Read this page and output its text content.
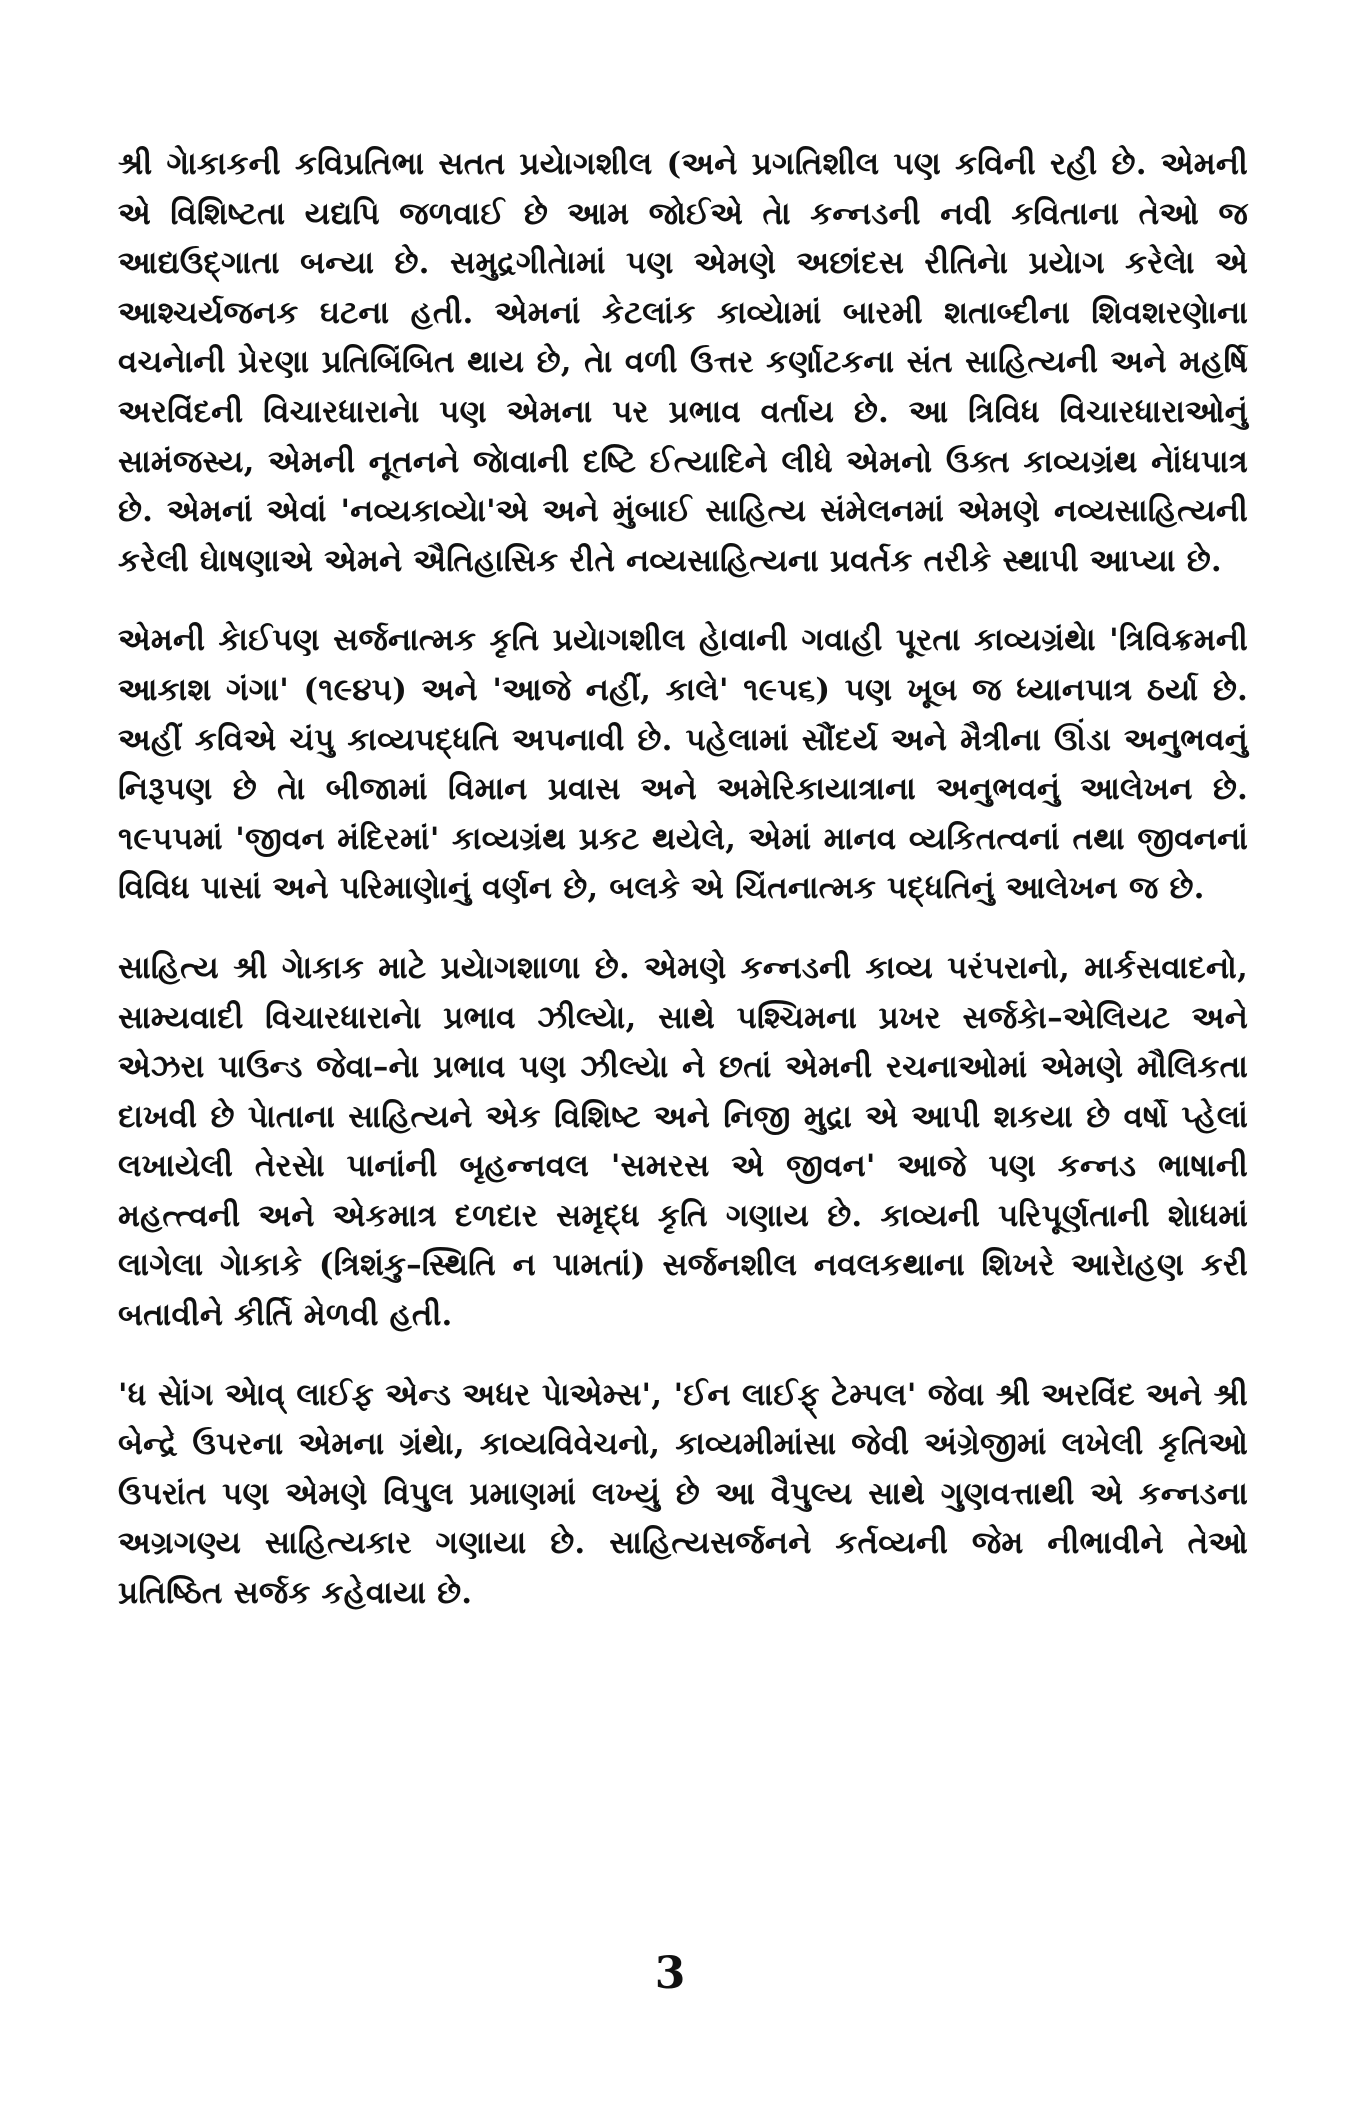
શ્રી ગેાકાકની કવિપ્રતિભા સતત પ્રયેાગશીલ (અને પ્રગતિશીલ પણ કવિની રહી છે. એમની એ વિશિષ્ટતા યદ્યપિ જળવાઈ છે આમ જોઈએ તેા કન્નડની નવી કવિતાના તેઓ જ આદ્યઉદ્ગાતા બન્યા છે. સમુદ્રગીતેામાં પણ એમણે અછાંદસ રીતિનેા પ્રયેાગ કરેલેા એ આશ્ચર્યજનક ઘટના હતી. એમનાં કેટલાંક કાવ્યેામાં બારમી શતાબ્દીના શિવશરણેાના વચનેાની પ્રેરણા પ્રતિબિંબિત થાય છે, તેા વળી ઉત્તર કર્ણાટકના સંત સાહિત્યની અને મહર્ષિ અરવિંદની વિચારધારાનેા પણ એમના પર પ્રભાવ વર્તાય છે. આ ત્રિવિધ વિચારધારાઓનું સામંજસ્ય, એમની નૂતનને જેાવાની દષ્ટિ ઈત્યાદિને લીધે એમનો ઉક્ત કાવ્યગ્રંથ નેાંધપાત્ર છે. એમનાં એવાં 'નવ્યકાવ્યેા'એ અને મુંબાઈ સાહિત્ય સંમેલનમાં એમણે નવ્યસાહિત્યની કરેલી ઘેાષણાએ એમને ઐતિહાસિક રીતે નવ્યસાહિત્યના પ્રવર્તક તરીકે સ્થાપી આપ્યા છે.

એમની કેાઈપણ સર્જનાત્મક કૃતિ પ્રયેાગશીલ હેાવાની ગવાહી પૂરતા કાવ્યગ્રંથેા 'ત્રિવિક્રમની આકાશ ગંગા' (૧૯૪૫) અને 'આજે નહીં, કાલે' ૧૯૫૬) પણ ખૂબ જ ધ્યાનપાત્ર ઠર્યા છે. અહીં કવિએ ચંપુ કાવ્યપદ્ધતિ અપનાવી છે. પહેલામાં સૌંદર્ય અને મૈત્રીના ઊંડા અનુભવનું નિરૂપણ છે તેા બીજામાં વિમાન પ્રવાસ અને અમેરિકાયાત્રાના અનુભવનું આલેખન છે. ૧૯૫૫માં 'જીવન મંદિરમાં' કાવ્યગ્રંથ પ્રકટ થયેલે, એમાં માનવ વ્યકિતત્વનાં તથા જીવનનાં વિવિધ પાસાં અને પરિમાણેાનું વર્ણન છે, બલકે એ ચિંતનાત્મક પદ્ધતિનું આલેખન જ છે.

સાહિત્ય શ્રી ગેાકાક માટે પ્રયેાગશાળા છે. એમણે કન્નડની કાવ્ય પરંપરાનો, માર્કસવાદનો, સામ્યવાદી વિચારધારાનેા પ્રભાવ ઝીલ્યેા, સાથે પશ્ચિમના પ્રખર સર્જકેા–એલિયટ અને એઝરા પાઉન્ડ જેવા–નેા પ્રભાવ પણ ઝીલ્યેા ને છતાં એમની રચનાઓમાં એમણે મૌલિકતા દાખવી છે પેાતાના સાહિત્યને એક વિશિષ્ટ અને નિજી મુદ્રા એ આપી શકયા છે વર્ષો પ્હેલાં લખાયેલી તેરસેા પાનાંની બૃહન્નવલ 'સમરસ એ જીવન' આજે પણ કન્નડ ભાષાની મહત્ત્વની અને એકમાત્ર દળદાર સમૃદ્ધ કૃતિ ગણાય છે. કાવ્યની પરિપૂર્ણતાની શેાધમાં લાગેલા ગેાકાકે (ત્રિશંકુ–સ્થિતિ ન પામતાં) સર્જનશીલ નવલકથાના શિખરે આરેાહણ કરી બતાવીને કીર્તિ મેળવી હતી.

'ધ સેાંગ એાવ્ લાઈફ એન્ડ અધર પેાએમ્સ', 'ઈન લાઈફ્ ટેમ્પલ' જેવા શ્રી અરવિંદ અને શ્રી બેન્દ્રે ઉપરના એમના ગ્રંથેા, કાવ્યવિવેચનો, કાવ્યમીમાંસા જેવી અંગ્રેજીમાં લખેલી કૃતિઓ ઉપરાંત પણ એમણે વિપુલ પ્રમાણમાં લખ્યું છે આ વૈપુલ્ય સાથે ગુણવત્તાથી એ કન્નડના અગ્રગણ્ય સાહિત્યકાર ગણાયા છે. સાહિત્યસર્જનને કર્તવ્યની જેમ નીભાવીને તેઓ પ્રતિષ્ઠિત સર્જક કહેવાયા છે.

3
